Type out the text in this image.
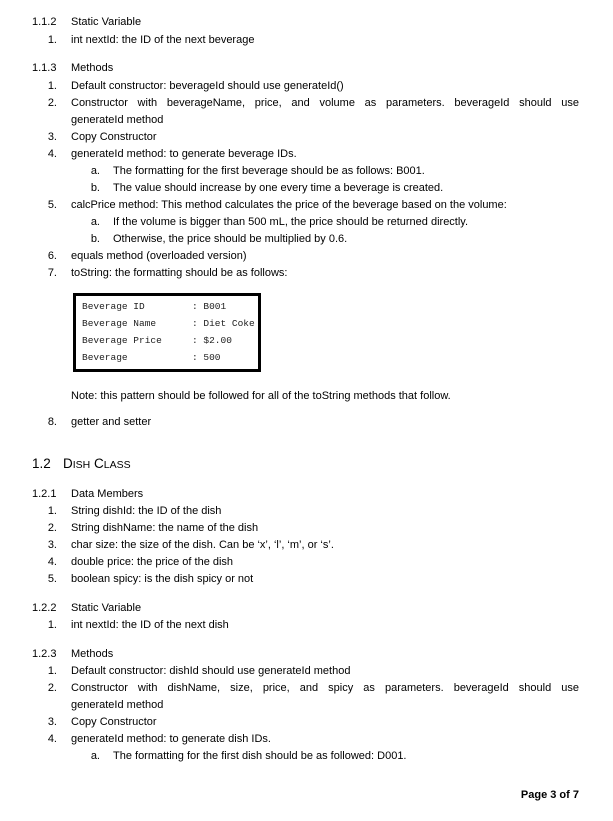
1.1.2 Static Variable
1. int nextId: the ID of the next beverage
1.1.3 Methods
1. Default constructor: beverageId should use generateId()
2. Constructor with beverageName, price, and volume as parameters. beverageId should use
generateId method
3. Copy Constructor
4. generateId method: to generate beverage IDs.
a. The formatting for the first beverage should be as follows: B001.
b. The value should increase by one every time a beverage is created.
5. calcPrice method: This method calculates the price of the beverage based on the volume:
a. If the volume is bigger than 500 mL, the price should be returned directly.
b. Otherwise, the price should be multiplied by 0.6.
6. equals method (overloaded version)
7. toString: the formatting should be as follows:
Beverage ID	: B001
Beverage Name	: Diet Coke
Beverage Price	: $2.00
Beverage	: 500
Note: this pattern should be followed for all of the toString methods that follow.
8. getter and setter
1.2 DISH CLASS
1.2.1 Data Members
1. String dishId: the ID of the dish
2. String dishName: the name of the dish
3. char size: the size of the dish. Can be ‘x’, ‘l’, ‘m’, or ‘s’.
4. double price: the price of the dish
5. boolean spicy: is the dish spicy or not
1.2.2 Static Variable
1. int nextId: the ID of the next dish
1.2.3 Methods
1. Default constructor: dishId should use generateId method
2. Constructor with dishName, size, price, and spicy as parameters. beverageId should use
generateId method
3. Copy Constructor
4. generateId method: to generate dish IDs.
a. The formatting for the first dish should be as followed: D001.
Page 3 of 7
